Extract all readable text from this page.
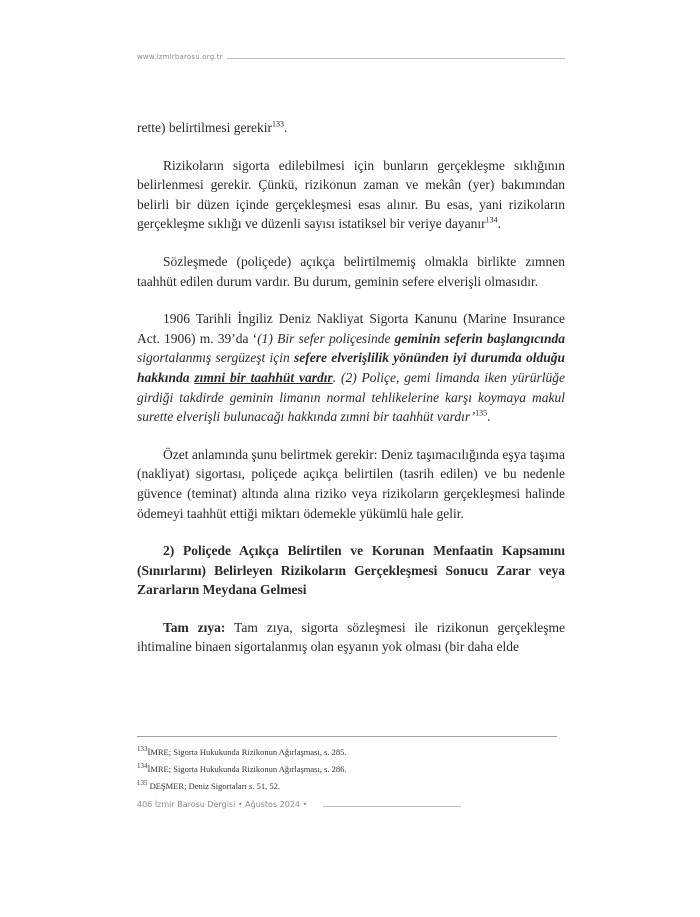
www.izmirbarosu.org.tr

rette) belirtilmesi gerekir$^{133}$.

Rizikoların sigorta edilebilmesi için bunların gerçekleşme sıklığının belirlenmesi gerekir. Çünkü, rizikonun zaman ve mekân (yer) bakımından belirli bir düzen içinde gerçekleşmesi esas alınır. Bu esas, yani rizikoların gerçekleşme sıklığı ve düzenli sayısı istatiksel bir veriye dayanır$^{134}$.

Sözleşmede (poliçede) açıkça belirtilmemiş olmakla birlikte zımnen taahhüt edilen durum vardır. Bu durum, geminin sefere elverişli olmasıdır.

1906 Tarihli İngiliz Deniz Nakliyat Sigorta Kanunu (Marine Insurance Act. 1906) m. 39’da ‘(1) Bir sefer poliçesinde geminin seferin başlangıcında sigortalanmış sergüzeşt için sefere elverişlilik yönünden iyi durumda olduğu hakkında zımni bir taahhüt vardır. (2) Poliçe, gemi limanda iken yürürlüğe girdiği takdirde geminin limanın normal tehlikelerine karşı koymaya makul surette elverişli bulunacağı hakkında zımni bir taahhüt vardır’$^{135}$.

Özet anlamında şunu belirtmek gerekir: Deniz taşımacılığında eşya taşıma (nakliyat) sigortası, poliçede açıkça belirtilen (tasrih edilen) ve bu nedenle güvence (teminat) altında alına riziko veya rizikoların gerçekleşmesi halinde ödemeyi taahhüt ettiği miktarı ödemekle yükümlü hale gelir.

2) Poliçede Açıkça Belirtilen ve Korunan Menfaatin Kapsamını (Sınırlarını) Belirleyen Rizikoların Gerçekleşmesi Sonucu Zarar veya Zararların Meydana Gelmesi

Tam zıya: Tam zıya, sigorta sözleşmesi ile rizikonun gerçekleşme ihtimaline binaen sigortalanmış olan eşyanın yok olması (bir daha elde

$^{133}$İMRE; Sigorta Hukukunda Rizikonun Ağırlaşması, s. 285.
$^{134}$İMRE; Sigorta Hukukunda Rizikonun Ağırlaşması, s. 286.
$^{135}$ DEŞMER; Deniz Sigortaları s. 51, 52.
406 İzmir Barosu Dergisi • Ağustos 2024 •
